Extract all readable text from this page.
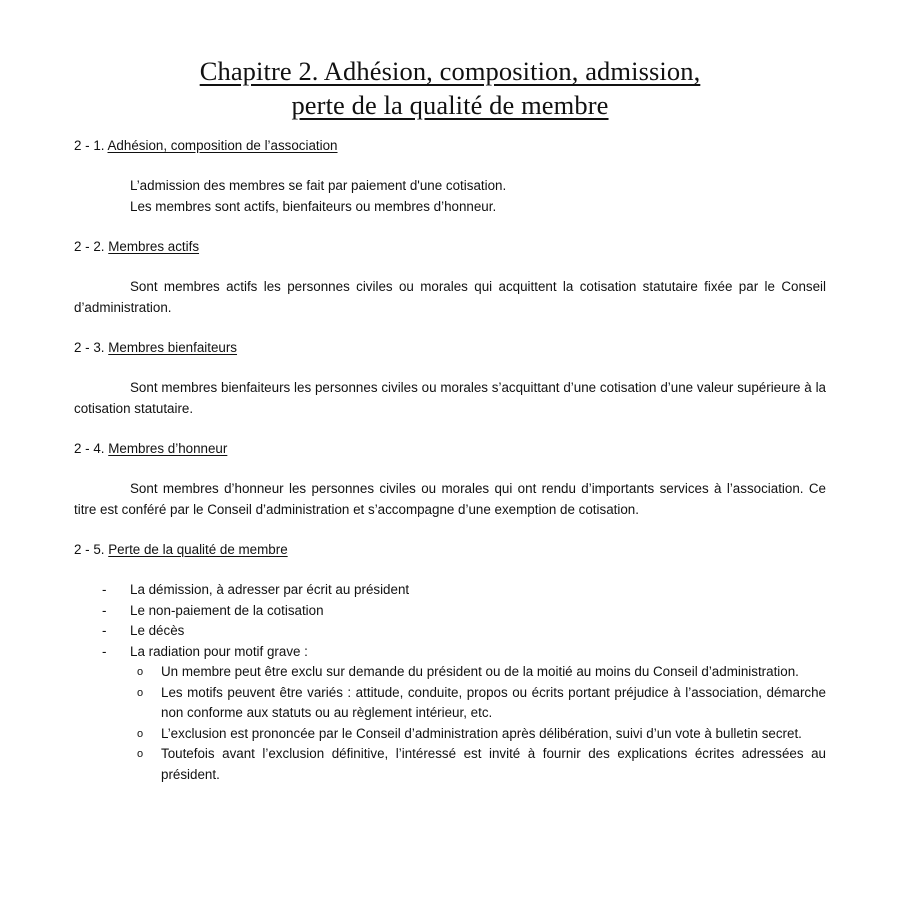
Chapitre 2. Adhésion, composition, admission,
perte de la qualité de membre

2 - 1. Adhésion, composition de l’association

L’admission des membres se fait par paiement d'une cotisation.

Les membres sont actifs, bienfaiteurs ou membres d’honneur.

2 - 2. Membres actifs

Sont membres actifs les personnes civiles ou morales qui acquittent la cotisation statutaire fixée par le Conseil d’administration.

2 - 3. Membres bienfaiteurs

Sont membres bienfaiteurs les personnes civiles ou morales s’acquittant d’une cotisation d’une valeur supérieure à la cotisation statutaire.

2 - 4. Membres d’honneur

Sont membres d’honneur les personnes civiles ou morales qui ont rendu d’importants services à l’association. Ce titre est conféré par le Conseil d’administration et s’accompagne d’une exemption de cotisation.

2 - 5. Perte de la qualité de membre

- La démission, à adresser par écrit au président
- Le non-paiement de la cotisation
- Le décès
- La radiation pour motif grave :
o Un membre peut être exclu sur demande du président ou de la moitié au moins du Conseil d’administration.
o Les motifs peuvent être variés : attitude, conduite, propos ou écrits portant préjudice à l’association, démarche non conforme aux statuts ou au règlement intérieur, etc.
o L’exclusion est prononcée par le Conseil d’administration après délibération, suivi d’un vote à bulletin secret.
o Toutefois avant l’exclusion définitive, l’intéressé est invité à fournir des explications écrites adressées au président.
